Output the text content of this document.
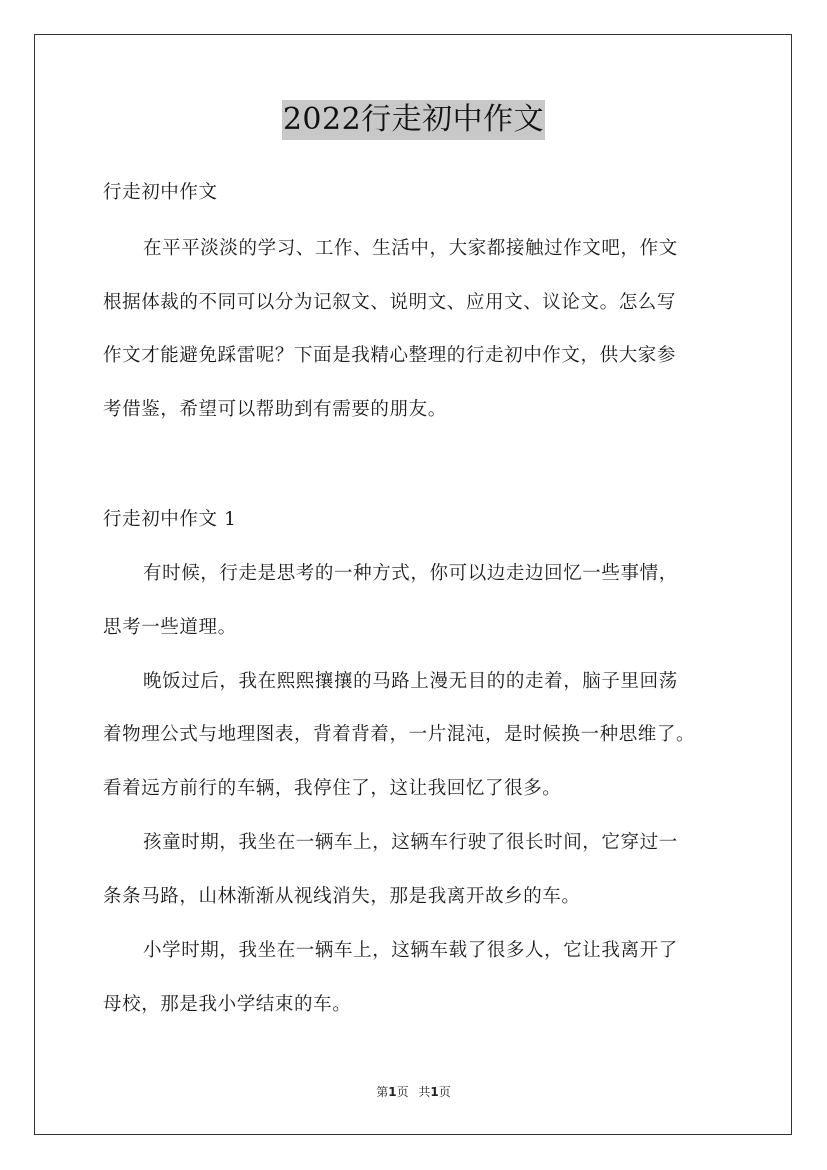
2022行走初中作文
行走初中作文
在平平淡淡的学习、工作、生活中，大家都接触过作文吧，作文
根据体裁的不同可以分为记叙文、说明文、应用文、议论文。怎么写
作文才能避免踩雷呢？下面是我精心整理的行走初中作文，供大家参
考借鉴，希望可以帮助到有需要的朋友。
行走初中作文 1
有时候，行走是思考的一种方式，你可以边走边回忆一些事情，
思考一些道理。
晚饭过后，我在熙熙攘攘的马路上漫无目的的走着，脑子里回荡
着物理公式与地理图表，背着背着，一片混沌，是时候换一种思维了。
看着远方前行的车辆，我停住了，这让我回忆了很多。
孩童时期，我坐在一辆车上，这辆车行驶了很长时间，它穿过一
条条马路，山林渐渐从视线消失，那是我离开故乡的车。
小学时期，我坐在一辆车上，这辆车载了很多人，它让我离开了
母校，那是我小学结束的车。
第1页 共1页
